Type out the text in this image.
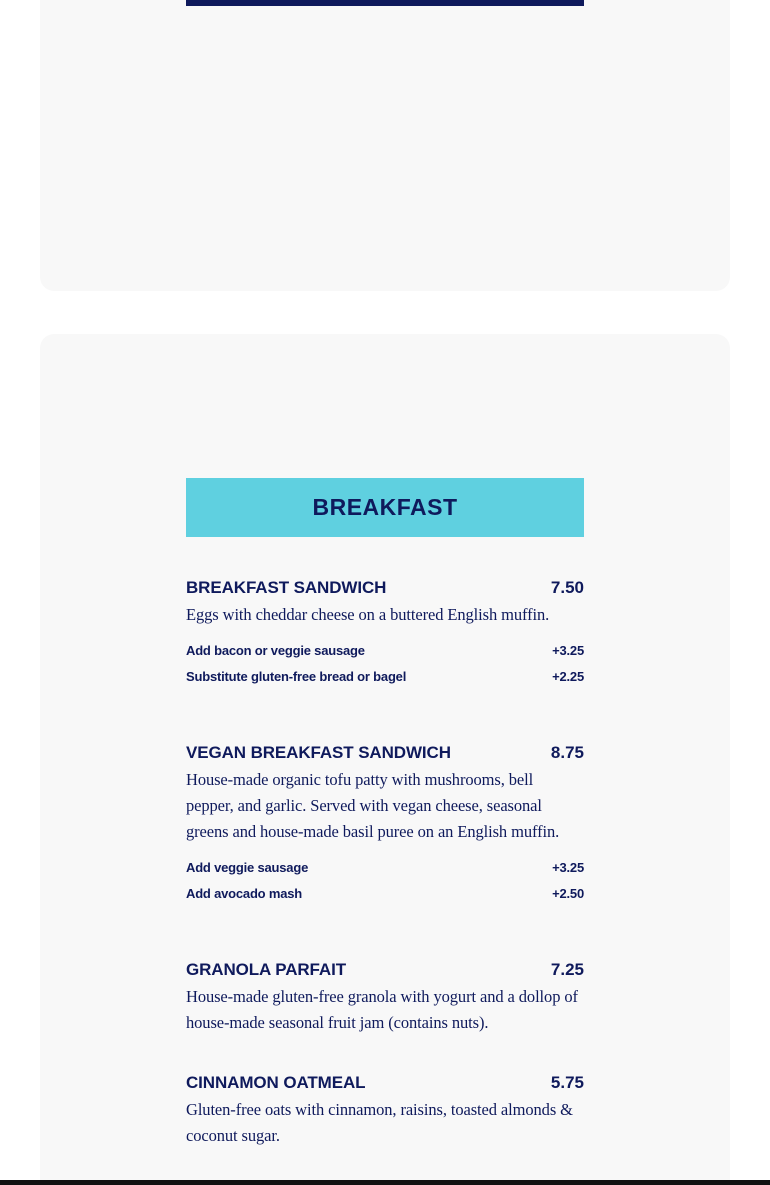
BREAKFAST
BREAKFAST SANDWICH	7.50
Eggs with cheddar cheese on a buttered English muffin.
Add bacon or veggie sausage	+3.25
Substitute gluten-free bread or bagel	+2.25
VEGAN BREAKFAST SANDWICH	8.75
House-made organic tofu patty with mushrooms, bell pepper, and garlic. Served with vegan cheese, seasonal greens and house-made basil puree on an English muffin.
Add veggie sausage	+3.25
Add avocado mash	+2.50
GRANOLA PARFAIT	7.25
House-made gluten-free granola with yogurt and a dollop of house-made seasonal fruit jam (contains nuts).
CINNAMON OATMEAL	5.75
Gluten-free oats with cinnamon, raisins, toasted almonds & coconut sugar.
